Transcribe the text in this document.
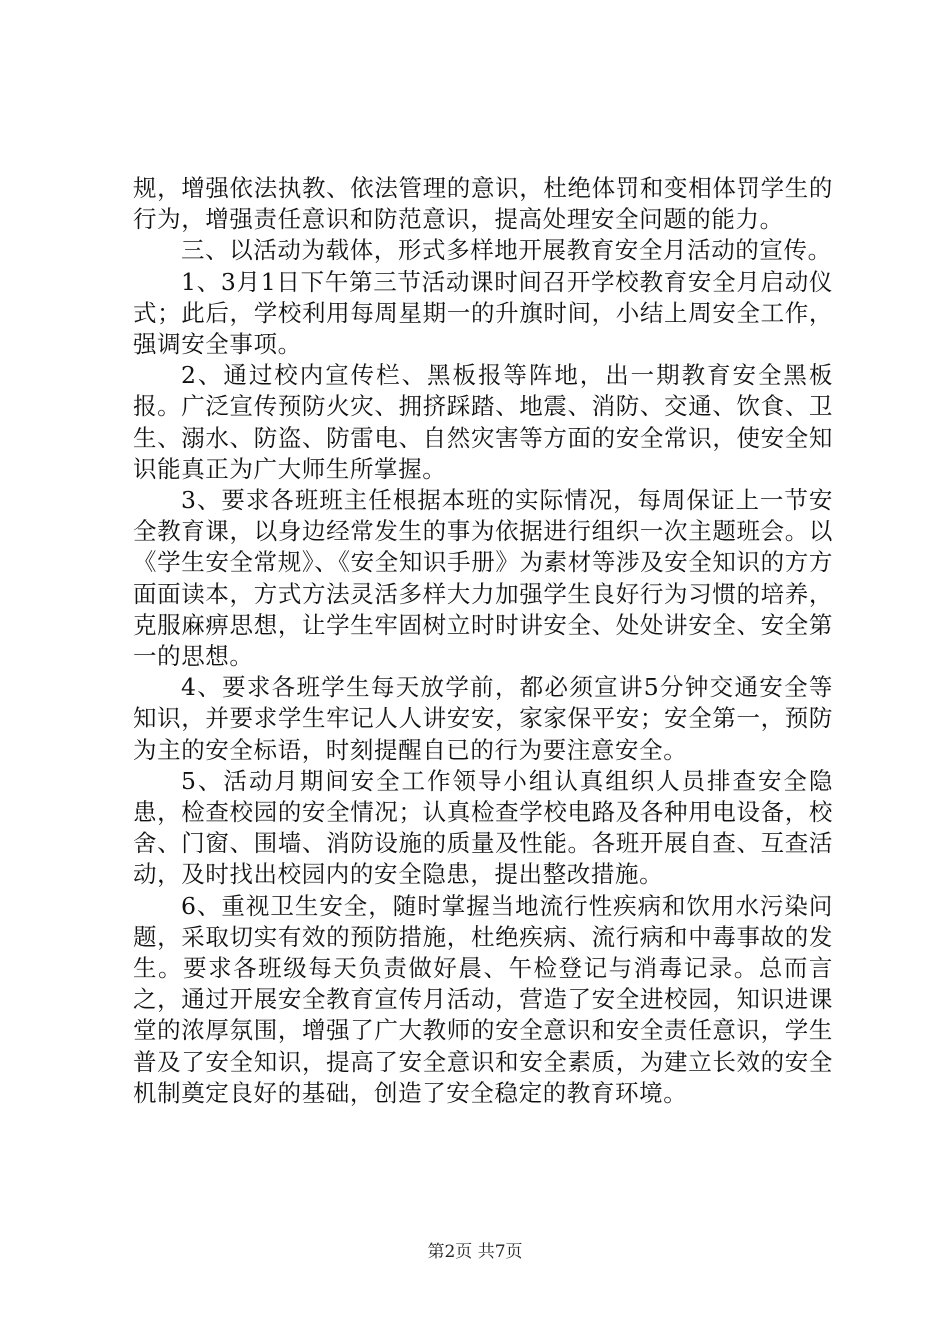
规，增强依法执教、依法管理的意识，杜绝体罚和变相体罚学生的行为，增强责任意识和防范意识，提高处理安全问题的能力。

三、以活动为载体，形式多样地开展教育安全月活动的宣传。

1、3月1日下午第三节活动课时间召开学校教育安全月启动仪式；此后，学校利用每周星期一的升旗时间，小结上周安全工作，强调安全事项。

2、通过校内宣传栏、黑板报等阵地，出一期教育安全黑板报。广泛宣传预防火灾、拥挤踩踏、地震、消防、交通、饮食、卫生、溺水、防盗、防雷电、自然灾害等方面的安全常识，使安全知识能真正为广大师生所掌握。

3、要求各班班主任根据本班的实际情况，每周保证上一节安全教育课，以身边经常发生的事为依据进行组织一次主题班会。以《学生安全常规》、《安全知识手册》为素材等涉及安全知识的方方面面读本，方式方法灵活多样大力加强学生良好行为习惯的培养，克服麻痹思想，让学生牢固树立时时讲安全、处处讲安全、安全第一的思想。

4、要求各班学生每天放学前，都必须宣讲5分钟交通安全等知识，并要求学生牢记人人讲安安，家家保平安；安全第一，预防为主的安全标语，时刻提醒自已的行为要注意安全。

5、活动月期间安全工作领导小组认真组织人员排查安全隐患，检查校园的安全情况；认真检查学校电路及各种用电设备，校舍、门窗、围墙、消防设施的质量及性能。各班开展自查、互查活动，及时找出校园内的安全隐患，提出整改措施。

6、重视卫生安全，随时掌握当地流行性疾病和饮用水污染问题，采取切实有效的预防措施，杜绝疾病、流行病和中毒事故的发生。要求各班级每天负责做好晨、午检登记与消毒记录。总而言之，通过开展安全教育宣传月活动，营造了安全进校园，知识进课堂的浓厚氛围，增强了广大教师的安全意识和安全责任意识，学生普及了安全知识，提高了安全意识和安全素质，为建立长效的安全机制奠定良好的基础，创造了安全稳定的教育环境。

第2页 共7页
